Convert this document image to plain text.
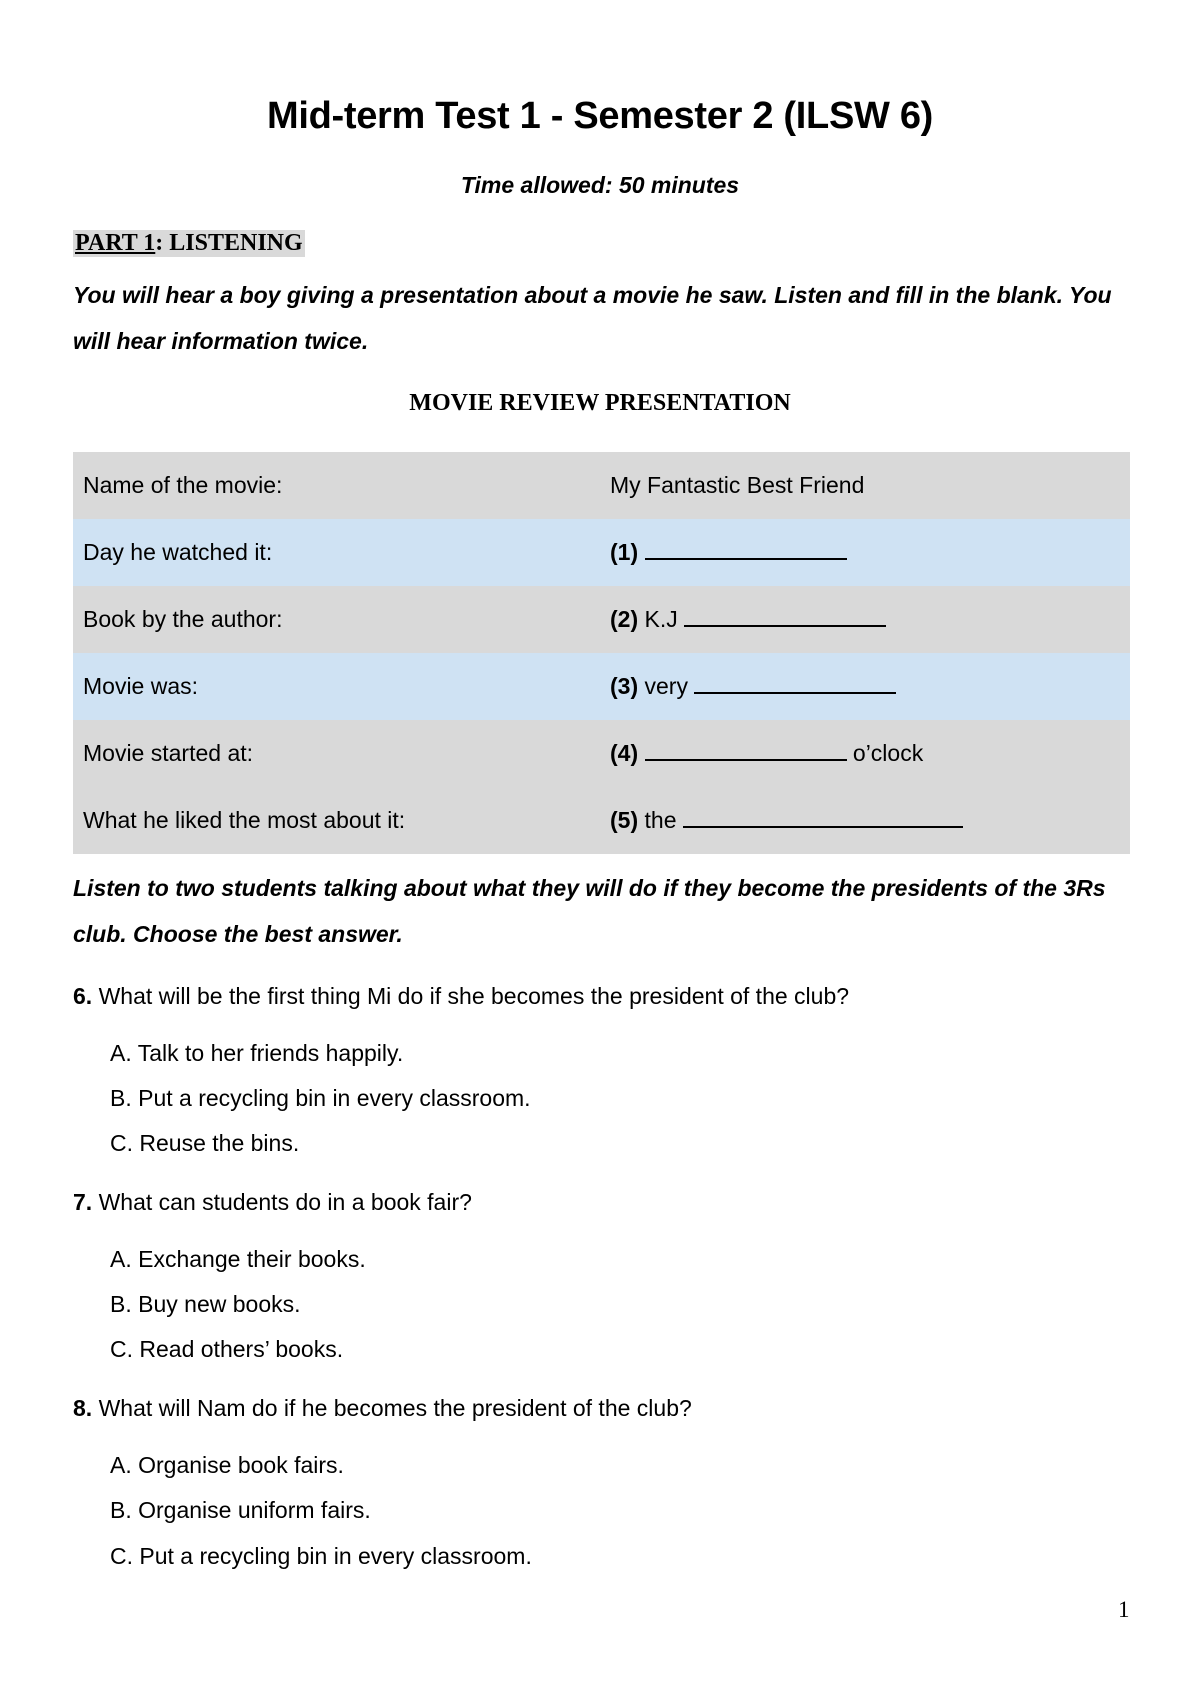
Mid-term Test 1 - Semester 2 (ILSW 6)
Time allowed: 50 minutes
PART 1: LISTENING
You will hear a boy giving a presentation about a movie he saw. Listen and fill in the blank. You will hear information twice.
MOVIE REVIEW PRESENTATION
Name of the movie:	My Fantastic Best Friend
Day he watched it:	(1)
Book by the author:	(2) K.J
Movie was:	(3) very
Movie started at:	(4) o’clock
What he liked the most about it:	(5) the
Listen to two students talking about what they will do if they become the presidents of the 3Rs club. Choose the best answer.
6. What will be the first thing Mi do if she becomes the president of the club?
A. Talk to her friends happily.
B. Put a recycling bin in every classroom.
C. Reuse the bins.
7. What can students do in a book fair?
A. Exchange their books.
B. Buy new books.
C. Read others’ books.
8. What will Nam do if he becomes the president of the club?
A. Organise book fairs.
B. Organise uniform fairs.
C. Put a recycling bin in every classroom.
1
